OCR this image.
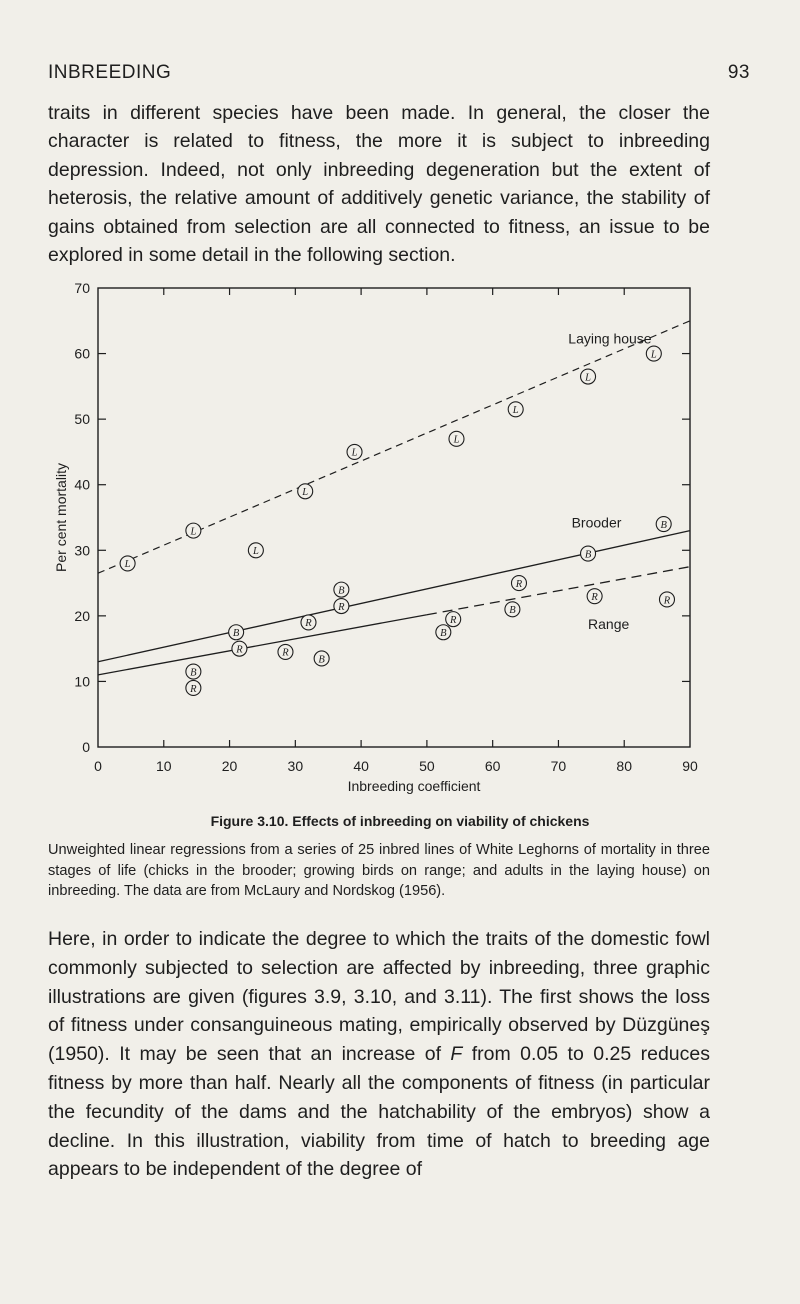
INBREEDING	93

traits in different species have been made. In general, the closer the character is related to fitness, the more it is subject to inbreeding depression. Indeed, not only inbreeding degeneration but the extent of heterosis, the relative amount of additively genetic variance, the stability of gains obtained from selection are all connected to fitness, an issue to be explored in some detail in the following section.

0	10	20	30	40	50	60	70	80	90
0
10
20
30
40
50
60
70
Inbreeding coefficient
Per cent mortality	L
L
L
L
L
L
L
L
L
B
B
B
B
B
B
B
R
R	R
R
R	R
R
R	R
Laying house
Brooder	B
Range
Figure 3.10. Effects of inbreeding on viability of chickens
Unweighted linear regressions from a series of 25 inbred lines of White Leghorns of mortality in three stages of life (chicks in the brooder; growing birds on range; and adults in the laying house) on inbreeding. The data are from McLaury and Nordskog (1956).

Here, in order to indicate the degree to which the traits of the domestic fowl commonly subjected to selection are affected by inbreeding, three graphic illustrations are given (figures 3.9, 3.10, and 3.11). The first shows the loss of fitness under consanguineous mating, empirically observed by Düzgüneş (1950). It may be seen that an increase of F from 0.05 to 0.25 reduces fitness by more than half. Nearly all the components of fitness (in particular the fecundity of the dams and the hatchability of the embryos) show a decline. In this illustration, viability from time of hatch to breeding age appears to be independent of the degree of
